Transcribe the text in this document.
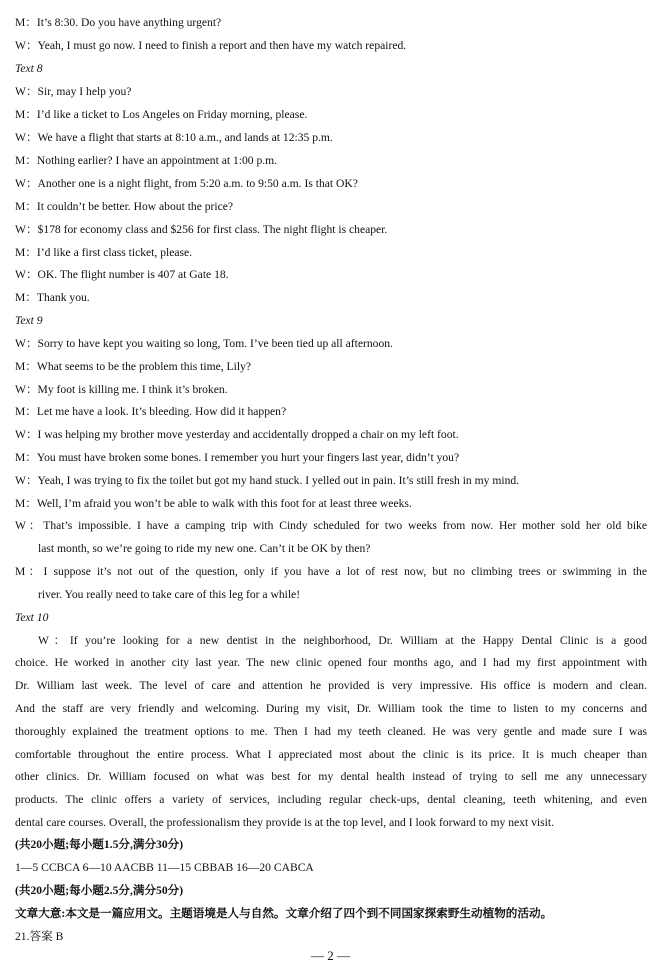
M：It’s 8:30. Do you have anything urgent?
W：Yeah, I must go now. I need to finish a report and then have my watch repaired.
Text 8
W：Sir, may I help you?
M：I’d like a ticket to Los Angeles on Friday morning, please.
W：We have a flight that starts at 8:10 a.m., and lands at 12:35 p.m.
M：Nothing earlier? I have an appointment at 1:00 p.m.
W：Another one is a night flight, from 5:20 a.m. to 9:50 a.m. Is that OK?
M：It couldn’t be better. How about the price?
W：$178 for economy class and $256 for first class. The night flight is cheaper.
M：I’d like a first class ticket, please.
W：OK. The flight number is 407 at Gate 18.
M：Thank you.
Text 9
W：Sorry to have kept you waiting so long, Tom. I’ve been tied up all afternoon.
M：What seems to be the problem this time, Lily?
W：My foot is killing me. I think it’s broken.
M：Let me have a look. It’s bleeding. How did it happen?
W：I was helping my brother move yesterday and accidentally dropped a chair on my left foot.
M：You must have broken some bones. I remember you hurt your fingers last year, didn’t you?
W：Yeah, I was trying to fix the toilet but got my hand stuck. I yelled out in pain. It’s still fresh in my mind.
M：Well, I’m afraid you won’t be able to walk with this foot for at least three weeks.
W：That’s impossible. I have a camping trip with Cindy scheduled for two weeks from now. Her mother sold her old bike
last month, so we’re going to ride my new one. Can’t it be OK by then?
M：I suppose it’s not out of the question, only if you have a lot of rest now, but no climbing trees or swimming in the
river. You really need to take care of this leg for a while!
Text 10
W：If you’re looking for a new dentist in the neighborhood, Dr. William at the Happy Dental Clinic is a good
choice. He worked in another city last year. The new clinic opened four months ago, and I had my first appointment with
Dr. William last week. The level of care and attention he provided is very impressive. His office is modern and clean.
And the staff are very friendly and welcoming. During my visit, Dr. William took the time to listen to my concerns and
thoroughly explained the treatment options to me. Then I had my teeth cleaned. He was very gentle and made sure I was
comfortable throughout the entire process. What I appreciated most about the clinic is its price. It is much cheaper than
other clinics. Dr. William focused on what was best for my dental health instead of trying to sell me any unnecessary
products. The clinic offers a variety of services, including regular check-ups, dental cleaning, teeth whitening, and even
dental care courses. Overall, the professionalism they provide is at the top level, and I look forward to my next visit.
(共20小题;每小题1.5分,满分30分)
1—5 CCBCA 6—10 AACBB 11—15 CBBAB 16—20 CABCA
(共20小题;每小题2.5分,满分50分)
文章大意:本文是一篇应用文。主题语境是人与自然。文章介绍了四个到不同国家探索野生动植物的活动。
21.答案 B
— 2 —
